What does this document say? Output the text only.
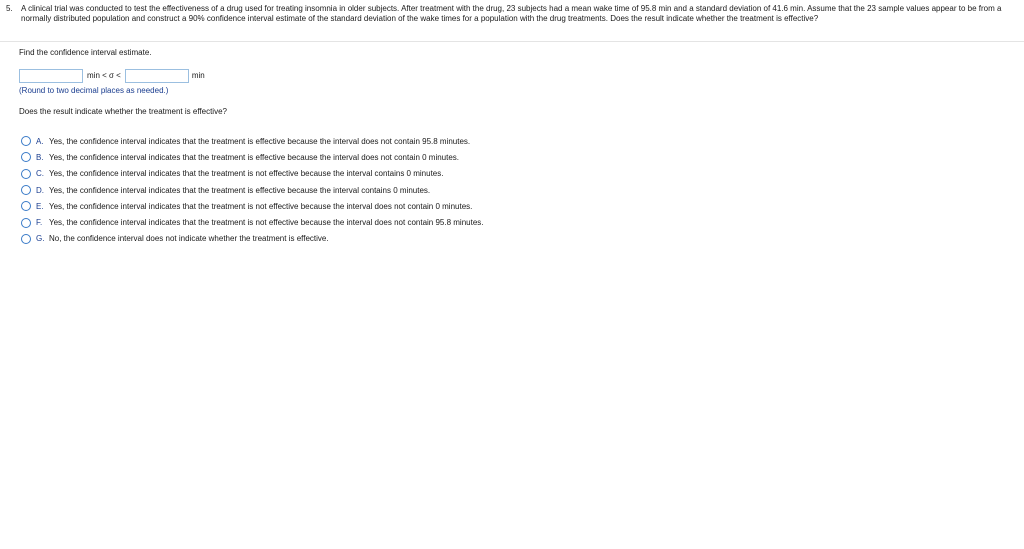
5.	A clinical trial was conducted to test the effectiveness of a drug used for treating insomnia in older subjects. After treatment with the drug, 23 subjects had a mean wake time of 95.8 min and a standard deviation of 41.6 min. Assume that the 23 sample values appear to be from a normally distributed population and construct a 90% confidence interval estimate of the standard deviation of the wake times for a population with the drug treatments. Does the result indicate whether the treatment is effective?
Find the confidence interval estimate.
min < σ <	min
(Round to two decimal places as needed.)
Does the result indicate whether the treatment is effective?
A. Yes, the confidence interval indicates that the treatment is effective because the interval does not contain 95.8 minutes.
B. Yes, the confidence interval indicates that the treatment is effective because the interval does not contain 0 minutes.
C. Yes, the confidence interval indicates that the treatment is not effective because the interval contains 0 minutes.
D. Yes, the confidence interval indicates that the treatment is effective because the interval contains 0 minutes.
E. Yes, the confidence interval indicates that the treatment is not effective because the interval does not contain 0 minutes.
F. Yes, the confidence interval indicates that the treatment is not effective because the interval does not contain 95.8 minutes.
G. No, the confidence interval does not indicate whether the treatment is effective.
